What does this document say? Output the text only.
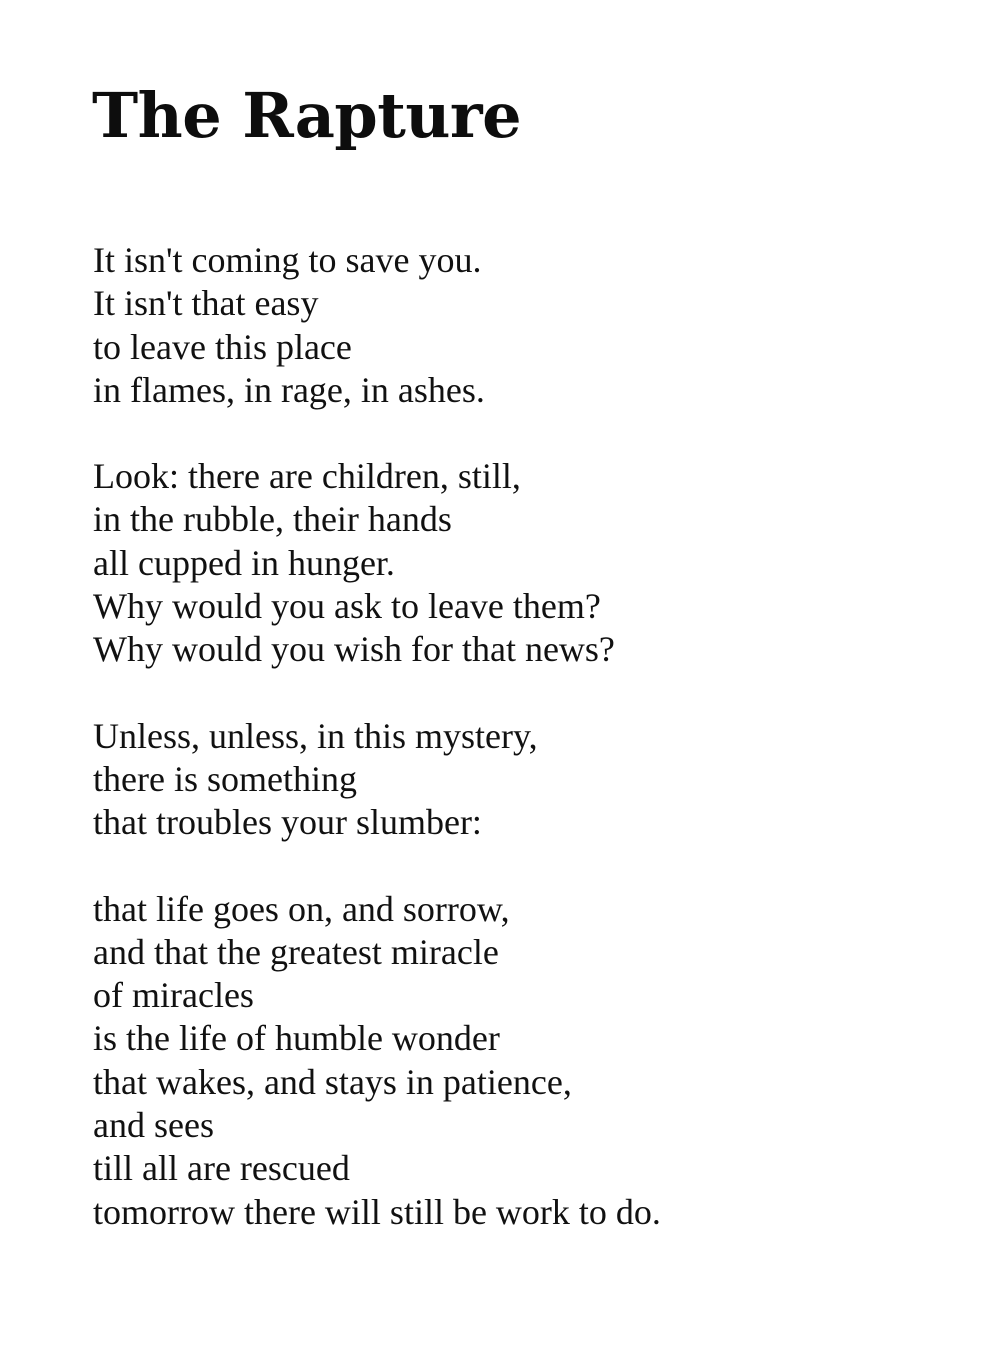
The Rapture
It isn't coming to save you.
It isn't that easy
to leave this place
in flames, in rage, in ashes.
Look: there are children, still,
in the rubble, their hands
all cupped in hunger.
Why would you ask to leave them?
Why would you wish for that news?
Unless, unless, in this mystery,
there is something
that troubles your slumber:
that life goes on, and sorrow,
and that the greatest miracle
of miracles
is the life of humble wonder
that wakes, and stays in patience,
and sees
till all are rescued
tomorrow there will still be work to do.
